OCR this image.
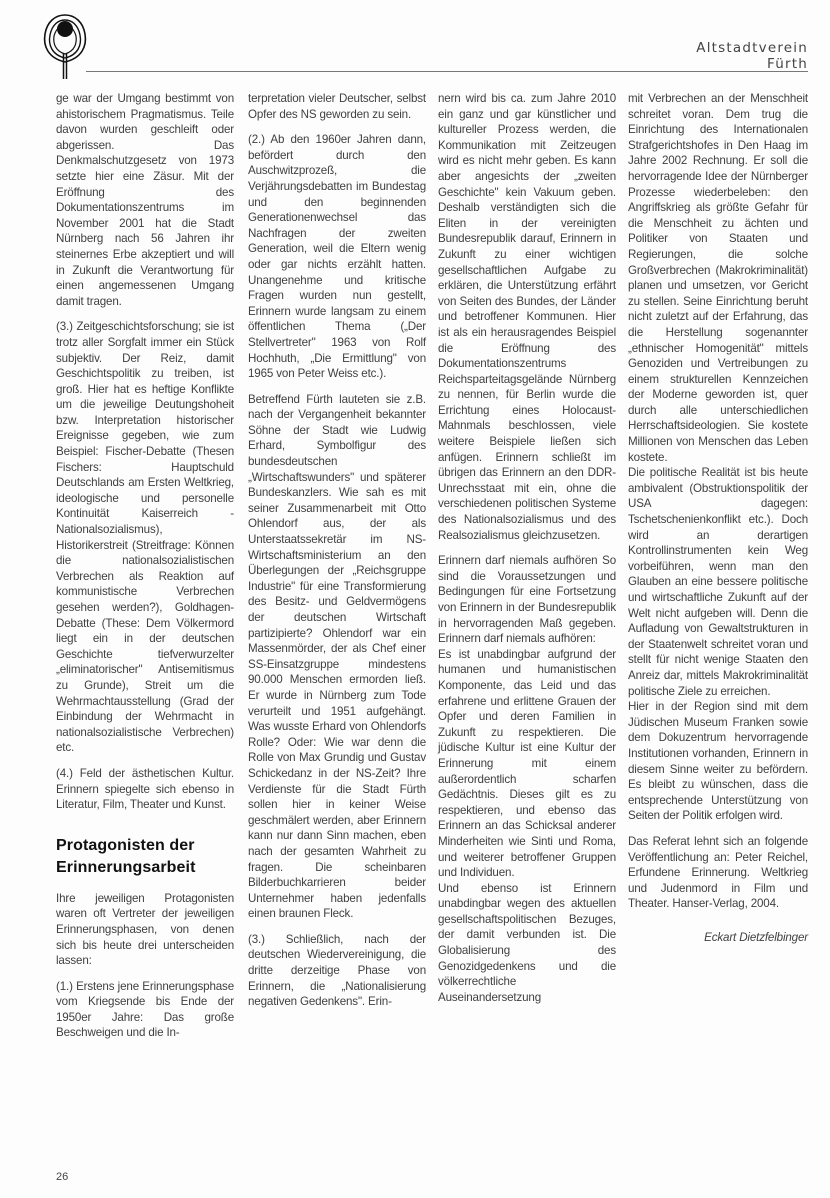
Altstadtverein
Fürth

ge war der Umgang bestimmt von ahistorischem Pragmatismus. Teile davon wurden geschleift oder abgerissen. Das Denkmalschutzgesetz von 1973 setzte hier eine Zäsur. Mit der Eröffnung des Dokumentationszentrums im November 2001 hat die Stadt Nürnberg nach 56 Jahren ihr steinernes Erbe akzeptiert und will in Zukunft die Verantwortung für einen angemessenen Umgang damit tragen.

(3.) Zeitgeschichtsforschung; sie ist trotz aller Sorgfalt immer ein Stück subjektiv. Der Reiz, damit Geschichtspolitik zu treiben, ist groß. Hier hat es heftige Konflikte um die jeweilige Deutungshoheit bzw. Interpretation historischer Ereignisse gegeben, wie zum Beispiel: Fischer-Debatte (Thesen Fischers: Hauptschuld Deutschlands am Ersten Weltkrieg, ideologische und personelle Kontinuität Kaiserreich - Nationalsozialismus), Historikerstreit (Streitfrage: Können die nationalsozialistischen Verbrechen als Reaktion auf kommunistische Verbrechen gesehen werden?), Goldhagen-Debatte (These: Dem Völkermord liegt ein in der deutschen Geschichte tiefverwurzelter „eliminatorischer" Antisemitismus zu Grunde), Streit um die Wehrmachtausstellung (Grad der Einbindung der Wehrmacht in nationalsozialistische Verbrechen) etc.

(4.) Feld der ästhetischen Kultur. Erinnern spiegelte sich ebenso in Literatur, Film, Theater und Kunst.

Protagonisten der Erinnerungsarbeit

Ihre jeweiligen Protagonisten waren oft Vertreter der jeweiligen Erinnerungsphasen, von denen sich bis heute drei unterscheiden lassen:

(1.) Erstens jene Erinnerungsphase vom Kriegsende bis Ende der 1950er Jahre: Das große Beschweigen und die In-

terpretation vieler Deutscher, selbst Opfer des NS geworden zu sein.

(2.) Ab den 1960er Jahren dann, befördert durch den Auschwitzprozeß, die Verjährungsdebatten im Bundestag und den beginnenden Generationenwechsel das Nachfragen der zweiten Generation, weil die Eltern wenig oder gar nichts erzählt hatten. Unangenehme und kritische Fragen wurden nun gestellt, Erinnern wurde langsam zu einem öffentlichen Thema („Der Stellvertreter" 1963 von Rolf Hochhuth, „Die Ermittlung" von 1965 von Peter Weiss etc.).

Betreffend Fürth lauteten sie z.B. nach der Vergangenheit bekannter Söhne der Stadt wie Ludwig Erhard, Symbolfigur des bundesdeutschen „Wirtschaftswunders" und späterer Bundeskanzlers. Wie sah es mit seiner Zusammenarbeit mit Otto Ohlendorf aus, der als Unterstaatssekretär im NS-Wirtschaftsministerium an den Überlegungen der „Reichsgruppe Industrie" für eine Transformierung des Besitz- und Geldvermögens der deutschen Wirtschaft partizipierte? Ohlendorf war ein Massenmörder, der als Chef einer SS-Einsatzgruppe mindestens 90.000 Menschen ermorden ließ. Er wurde in Nürnberg zum Tode verurteilt und 1951 aufgehängt. Was wusste Erhard von Ohlendorfs Rolle? Oder: Wie war denn die Rolle von Max Grundig und Gustav Schickedanz in der NS-Zeit? Ihre Verdienste für die Stadt Fürth sollen hier in keiner Weise geschmälert werden, aber Erinnern kann nur dann Sinn machen, eben nach der gesamten Wahrheit zu fragen. Die scheinbaren Bilderbuchkarrieren beider Unternehmer haben jedenfalls einen braunen Fleck.

(3.) Schließlich, nach der deutschen Wiedervereinigung, die dritte derzeitige Phase von Erinnern, die „Nationalisierung negativen Gedenkens". Erin-

nern wird bis ca. zum Jahre 2010 ein ganz und gar künstlicher und kultureller Prozess werden, die Kommunikation mit Zeitzeugen wird es nicht mehr geben. Es kann aber angesichts der „zweiten Geschichte" kein Vakuum geben. Deshalb verständigten sich die Eliten in der vereinigten Bundesrepublik darauf, Erinnern in Zukunft zu einer wichtigen gesellschaftlichen Aufgabe zu erklären, die Unterstützung erfährt von Seiten des Bundes, der Länder und betroffener Kommunen. Hier ist als ein herausragendes Beispiel die Eröffnung des Dokumentationszentrums Reichsparteitagsgelände Nürnberg zu nennen, für Berlin wurde die Errichtung eines Holocaust-Mahnmals beschlossen, viele weitere Beispiele ließen sich anfügen. Erinnern schließt im übrigen das Erinnern an den DDR-Unrechsstaat mit ein, ohne die verschiedenen politischen Systeme des Nationalsozialismus und des Realsozialismus gleichzusetzen.

Erinnern darf niemals aufhören So sind die Voraussetzungen und Bedingungen für eine Fortsetzung von Erinnern in der Bundesrepublik in hervorragenden Maß gegeben. Erinnern darf niemals aufhören:

Es ist unabdingbar aufgrund der humanen und humanistischen Komponente, das Leid und das erfahrene und erlittene Grauen der Opfer und deren Familien in Zukunft zu respektieren. Die jüdische Kultur ist eine Kultur der Erinnerung mit einem außerordentlich scharfen Gedächtnis. Dieses gilt es zu respektieren, und ebenso das Erinnern an das Schicksal anderer Minderheiten wie Sinti und Roma, und weiterer betroffener Gruppen und Individuen.

Und ebenso ist Erinnern unabdingbar wegen des aktuellen gesellschaftspolitischen Bezuges, der damit verbunden ist. Die Globalisierung des Genozidgedenkens und die völkerrechtliche Auseinandersetzung

mit Verbrechen an der Menschheit schreitet voran. Dem trug die Einrichtung des Internationalen Strafgerichtshofes in Den Haag im Jahre 2002 Rechnung. Er soll die hervorragende Idee der Nürnberger Prozesse wiederbeleben: den Angriffskrieg als größte Gefahr für die Menschheit zu ächten und Politiker von Staaten und Regierungen, die solche Großverbrechen (Makrokriminalität) planen und umsetzen, vor Gericht zu stellen. Seine Einrichtung beruht nicht zuletzt auf der Erfahrung, das die Herstellung sogenannter „ethnischer Homogenität" mittels Genoziden und Vertreibungen zu einem strukturellen Kennzeichen der Moderne geworden ist, quer durch alle unterschiedlichen Herrschaftsideologien. Sie kostete Millionen von Menschen das Leben kostete.

Die politische Realität ist bis heute ambivalent (Obstruktionspolitik der USA dagegen: Tschetschenienkonflikt etc.). Doch wird an derartigen Kontrollinstrumenten kein Weg vorbeiführen, wenn man den Glauben an eine bessere politische und wirtschaftliche Zukunft auf der Welt nicht aufgeben will. Denn die Aufladung von Gewaltstrukturen in der Staatenwelt schreitet voran und stellt für nicht wenige Staaten den Anreiz dar, mittels Makrokriminalität politische Ziele zu erreichen.

Hier in der Region sind mit dem Jüdischen Museum Franken sowie dem Dokuzentrum hervorragende Institutionen vorhanden, Erinnern in diesem Sinne weiter zu befördern. Es bleibt zu wünschen, dass die entsprechende Unterstützung von Seiten der Politik erfolgen wird.

Das Referat lehnt sich an folgende Veröffentlichung an: Peter Reichel, Erfundene Erinnerung. Weltkrieg und Judenmord in Film und Theater. Hanser-Verlag, 2004.

Eckart Dietzfelbinger
26
